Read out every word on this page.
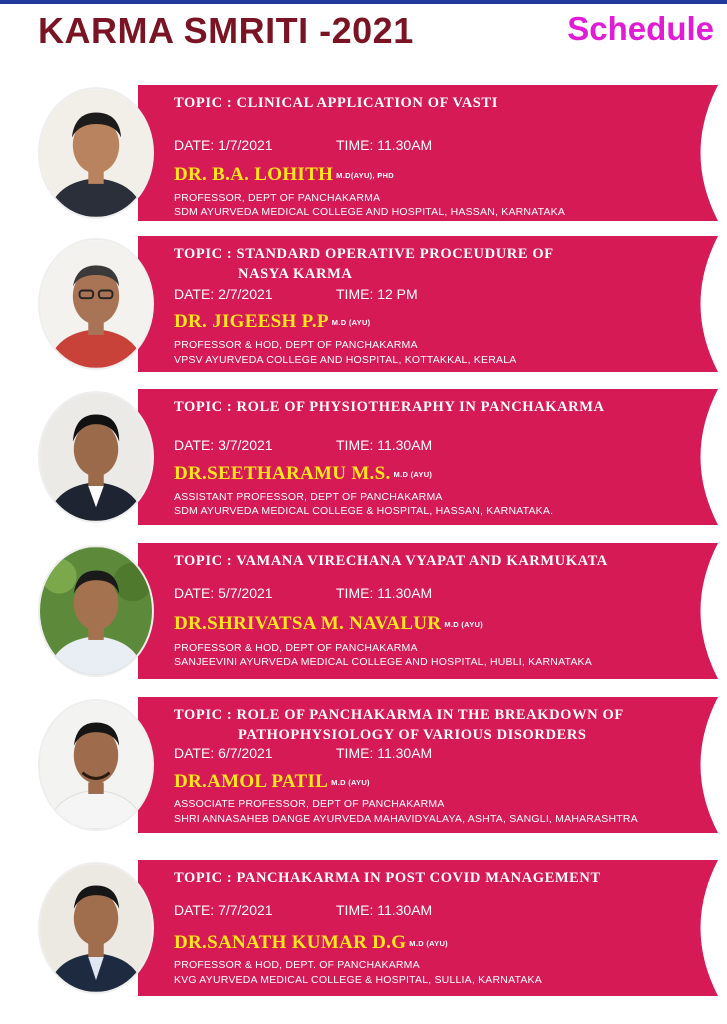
KARMA SMRITI -2021	Schedule
TOPIC : CLINICAL APPLICATION OF VASTI
DATE: 1/7/2021	TIME: 11.30AM
DR. B.A. LOHITH M.D(AYU), PHD
PROFESSOR, DEPT OF PANCHAKARMA
SDM AYURVEDA MEDICAL COLLEGE AND HOSPITAL, HASSAN, KARNATAKA
TOPIC : STANDARD OPERATIVE PROCEUDURE OF
NASYA KARMA
DATE: 2/7/2021	TIME: 12 PM
DR. JIGEESH P.P M.D (AYU)
PROFESSOR & HOD, DEPT OF PANCHAKARMA
VPSV AYURVEDA COLLEGE AND HOSPITAL, KOTTAKKAL, KERALA
TOPIC : ROLE OF PHYSIOTHERAPHY IN PANCHAKARMA
DATE: 3/7/2021	TIME: 11.30AM
DR.SEETHARAMU M.S. M.D (AYU)
ASSISTANT PROFESSOR, DEPT OF PANCHAKARMA
SDM AYURVEDA MEDICAL COLLEGE & HOSPITAL, HASSAN, KARNATAKA.
TOPIC : VAMANA VIRECHANA VYAPAT AND KARMUKATA
DATE: 5/7/2021	TIME: 11.30AM
DR.SHRIVATSA M. NAVALUR M.D (AYU)
PROFESSOR & HOD, DEPT OF PANCHAKARMA
SANJEEVINI AYURVEDA MEDICAL COLLEGE AND HOSPITAL, HUBLI, KARNATAKA
TOPIC : ROLE OF PANCHAKARMA IN THE BREAKDOWN OF
PATHOPHYSIOLOGY OF VARIOUS DISORDERS
DATE: 6/7/2021	TIME: 11.30AM
DR.AMOL PATIL M.D (AYU)
ASSOCIATE PROFESSOR, DEPT OF PANCHAKARMA
SHRI ANNASAHEB DANGE AYURVEDA MAHAVIDYALAYA, ASHTA, SANGLI, MAHARASHTRA
TOPIC : PANCHAKARMA IN POST COVID MANAGEMENT
DATE: 7/7/2021	TIME: 11.30AM
DR.SANATH KUMAR D.G M.D (AYU)
PROFESSOR & HOD, DEPT. OF PANCHAKARMA
KVG AYURVEDA MEDICAL COLLEGE & HOSPITAL, SULLIA, KARNATAKA
